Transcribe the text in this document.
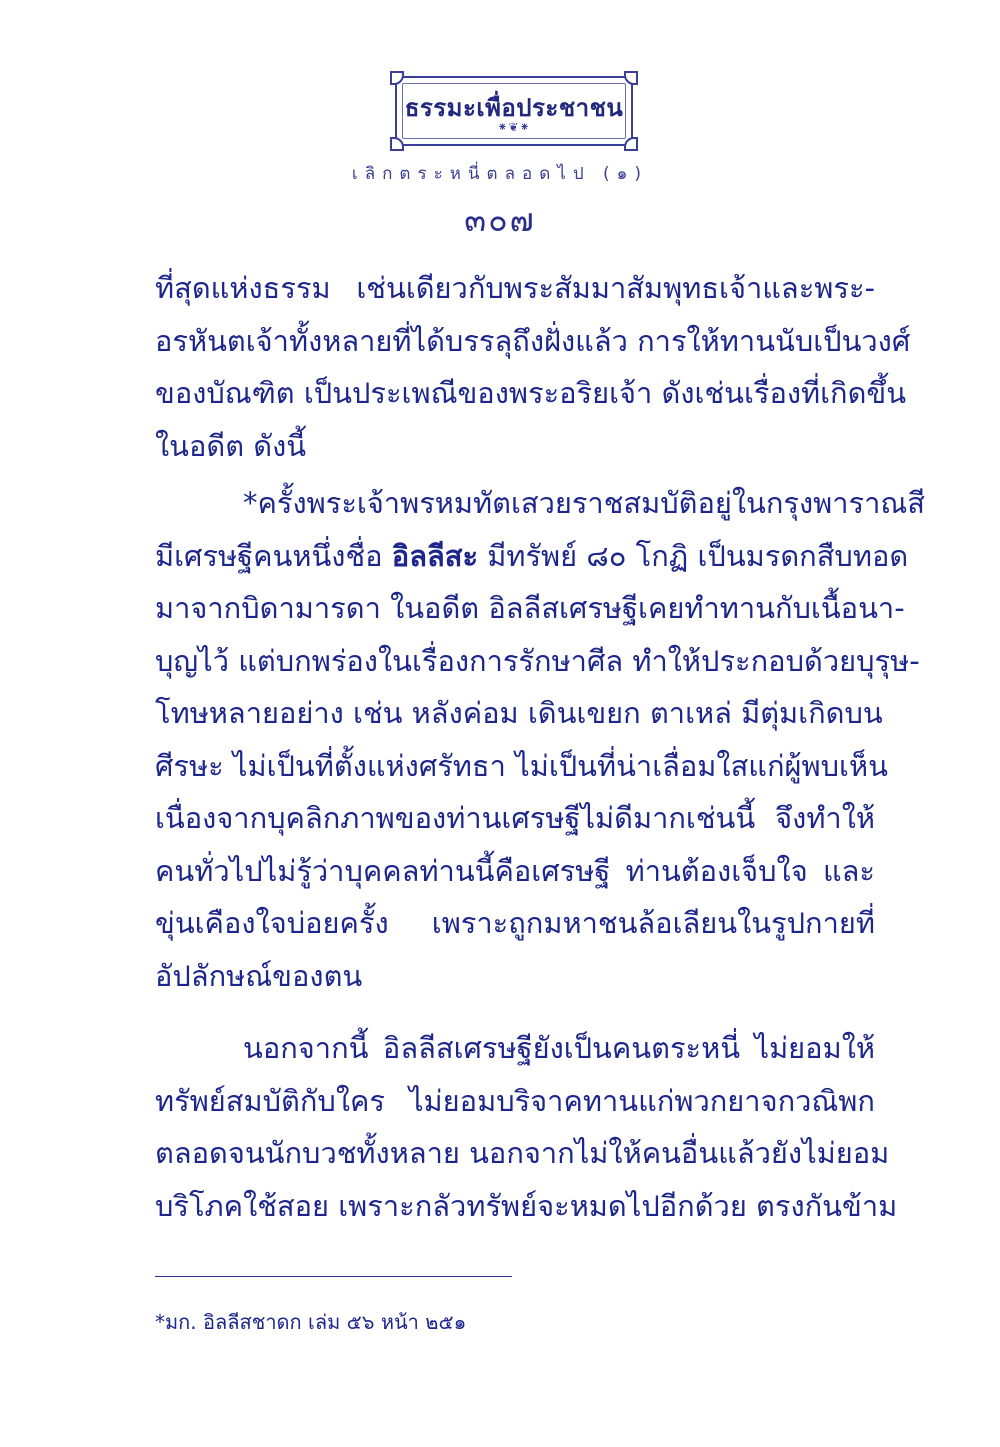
ธรรมะเพื่อประชาชน
⁕❦⁕
เลิกตระหนี่ตลอดไป (๑)
๓๐๗
ที่สุดแห่งธรรม เช่นเดียวกับพระสัมมาสัมพุทธเจ้าและพระ-
อรหันตเจ้าทั้งหลายที่ได้บรรลุถึงฝั่งแล้ว การให้ทานนับเป็นวงศ์
ของบัณฑิต เป็นประเพณีของพระอริยเจ้า ดังเช่นเรื่องที่เกิดขึ้น
ในอดีต ดังนี้
*ครั้งพระเจ้าพรหมทัตเสวยราชสมบัติอยู่ในกรุงพาราณสี
มีเศรษฐีคนหนึ่งชื่อ อิลลีสะ มีทรัพย์ ๘๐ โกฏิ เป็นมรดกสืบทอด
มาจากบิดามารดา ในอดีต อิลลีสเศรษฐีเคยทำทานกับเนื้อนา-
บุญไว้ แต่บกพร่องในเรื่องการรักษาศีล ทำให้ประกอบด้วยบุรุษ-
โทษหลายอย่าง เช่น หลังค่อม เดินเขยก ตาเหล่ มีตุ่มเกิดบน
ศีรษะ ไม่เป็นที่ตั้งแห่งศรัทธา ไม่เป็นที่น่าเลื่อมใสแก่ผู้พบเห็น
เนื่องจากบุคลิกภาพของท่านเศรษฐีไม่ดีมากเช่นนี้ จึงทำให้
คนทั่วไปไม่รู้ว่าบุคคลท่านนี้คือเศรษฐี ท่านต้องเจ็บใจ และ
ขุ่นเคืองใจบ่อยครั้ง เพราะถูกมหาชนล้อเลียนในรูปกายที่
อัปลักษณ์ของตน
นอกจากนี้ อิลลีสเศรษฐียังเป็นคนตระหนี่ ไม่ยอมให้
ทรัพย์สมบัติกับใคร ไม่ยอมบริจาคทานแก่พวกยาจกวณิพก
ตลอดจนนักบวชทั้งหลาย นอกจากไม่ให้คนอื่นแล้วยังไม่ยอม
บริโภคใช้สอย เพราะกลัวทรัพย์จะหมดไปอีกด้วย ตรงกันข้าม
*มก. อิลลีสชาดก เล่ม ๕๖ หน้า ๒๕๑
